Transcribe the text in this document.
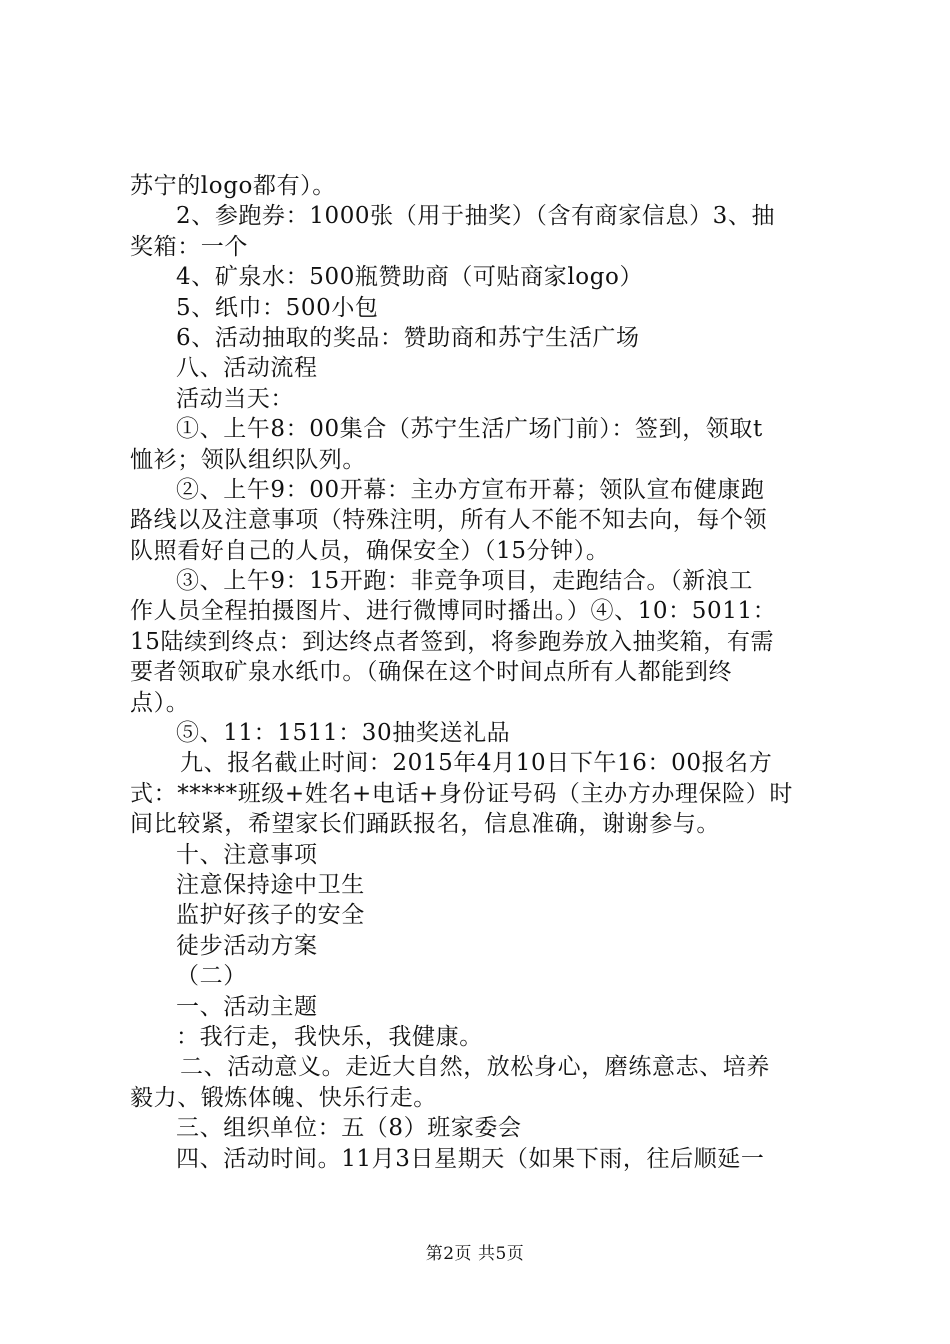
苏宁的logo都有）。
2、参跑券：1000张（用于抽奖）（含有商家信息）3、抽
奖箱：一个
4、矿泉水：500瓶赞助商（可贴商家logo）
5、纸巾：500小包
6、活动抽取的奖品：赞助商和苏宁生活广场
八、活动流程
活动当天：
①、上午8：00集合（苏宁生活广场门前）：签到，领取t
恤衫；领队组织队列。
②、上午9：00开幕：主办方宣布开幕；领队宣布健康跑
路线以及注意事项（特殊注明，所有人不能不知去向，每个领
队照看好自己的人员，确保安全）（15分钟）。
③、上午9：15开跑：非竞争项目，走跑结合。（新浪工
作人员全程拍摄图片、进行微博同时播出。）④、10：5011：
15陆续到终点：到达终点者签到，将参跑券放入抽奖箱，有需
要者领取矿泉水纸巾。（确保在这个时间点所有人都能到终
点）。
⑤、11：1511：30抽奖送礼品
九、报名截止时间：2015年4月10日下午16：00报名方
式：*****班级+姓名+电话+身份证号码（主办方办理保险）时
间比较紧，希望家长们踊跃报名，信息准确，谢谢参与。
十、注意事项
注意保持途中卫生
监护好孩子的安全
徒步活动方案
（二）
一、活动主题
：我行走，我快乐，我健康。
二、活动意义。走近大自然，放松身心，磨练意志、培养
毅力、锻炼体魄、快乐行走。
三、组织单位：五（8）班家委会
四、活动时间。11月3日星期天（如果下雨，往后顺延一
第2页 共5页
